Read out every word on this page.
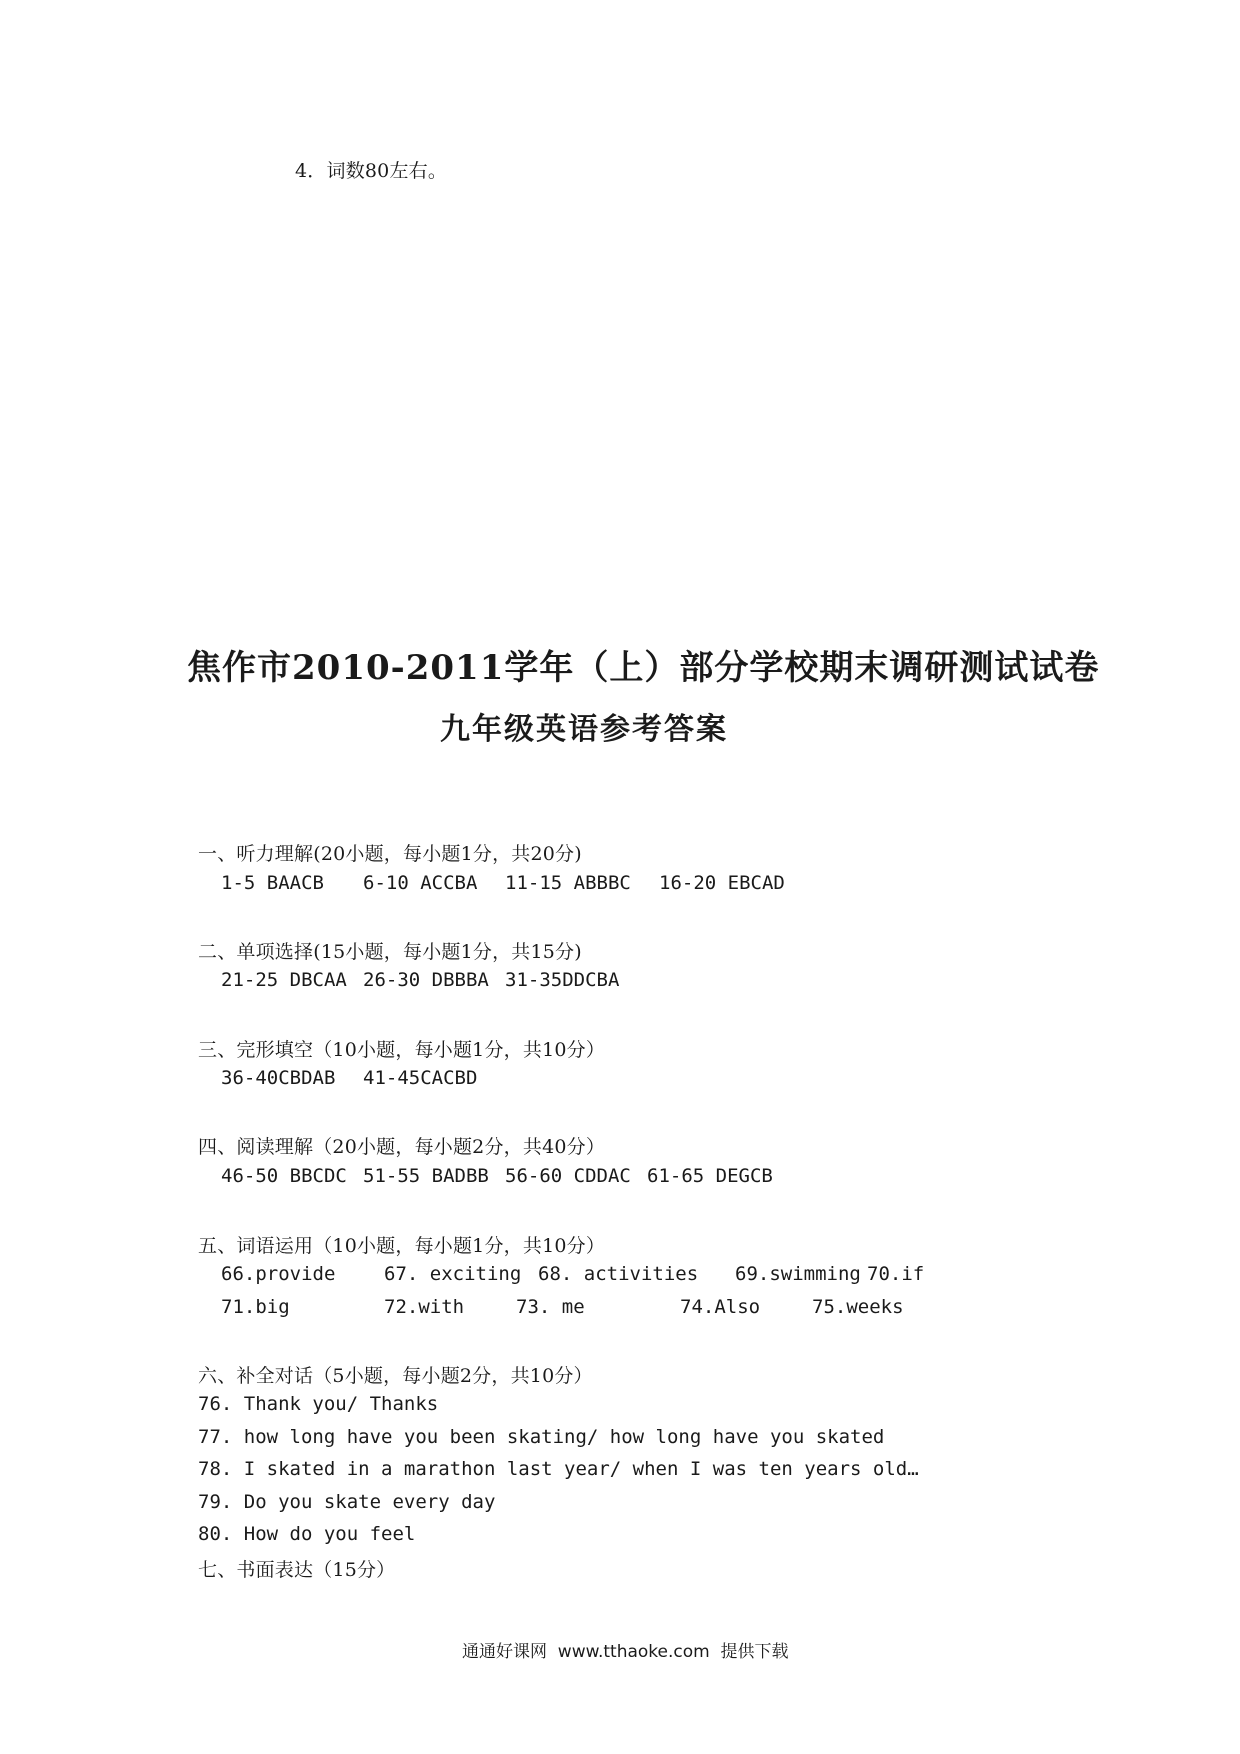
4．词数80左右。
焦作市2010-2011学年（上）部分学校期末调研测试试卷
九年级英语参考答案
一、听力理解(20小题，每小题1分，共20分)
1-5 BAACB 6-10 ACCBA 11-15 ABBBC 16-20 EBCAD
二、单项选择(15小题，每小题1分，共15分)
21-25 DBCAA 26-30 DBBBA 31-35DDCBA
三、完形填空（10小题，每小题1分，共10分）
36-40CBDAB 41-45CACBD
四、阅读理解（20小题，每小题2分，共40分）
46-50 BBCDC 51-55 BADBB 56-60 CDDAC 61-65 DEGCB
五、词语运用（10小题，每小题1分，共10分）
66.provide	67. exciting 68. activities 69.swimming 70.if
71.big	72.with	73. me	74.Also	75.weeks
六、补全对话（5小题，每小题2分，共10分）
76. Thank you/ Thanks
77. how long have you been skating/ how long have you skated
78. I skated in a marathon last year/ when I was ten years old…
79. Do you skate every day
80. How do you feel
七、书面表达（15分）
通通好课网  www.tthaoke.com  提供下载
